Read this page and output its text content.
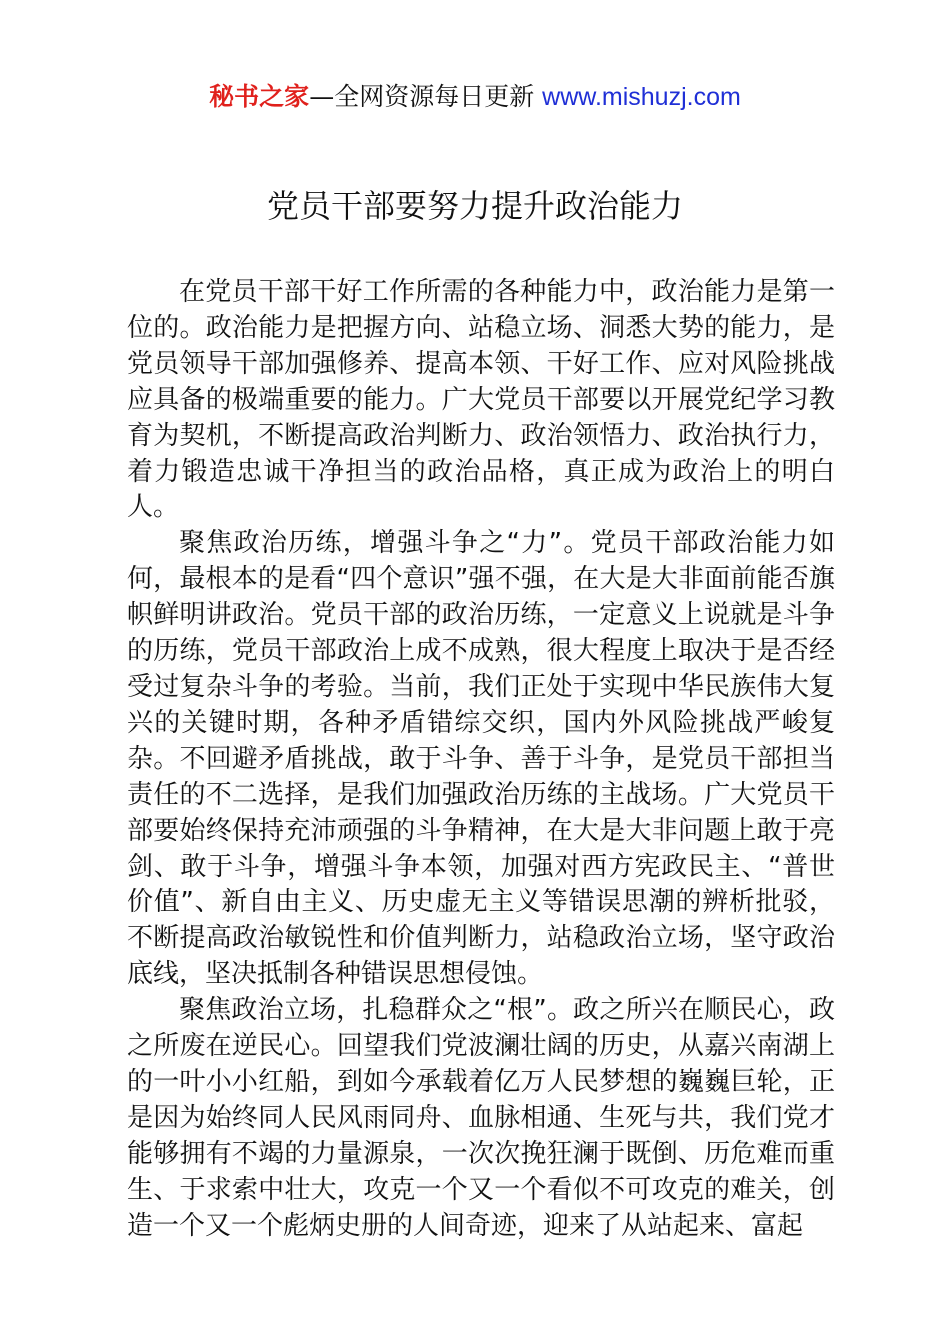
秘书之家—全网资源每日更新 www.mishuzj.com
党员干部要努力提升政治能力

在党员干部干好工作所需的各种能力中，政治能力是第一位的。政治能力是把握方向、站稳立场、洞悉大势的能力，是党员领导干部加强修养、提高本领、干好工作、应对风险挑战应具备的极端重要的能力。广大党员干部要以开展党纪学习教育为契机，不断提高政治判断力、政治领悟力、政治执行力，着力锻造忠诚干净担当的政治品格，真正成为政治上的明白人。

聚焦政治历练，增强斗争之“力”。党员干部政治能力如何，最根本的是看“四个意识”强不强，在大是大非面前能否旗帜鲜明讲政治。党员干部的政治历练，一定意义上说就是斗争的历练，党员干部政治上成不成熟，很大程度上取决于是否经受过复杂斗争的考验。当前，我们正处于实现中华民族伟大复兴的关键时期，各种矛盾错综交织，国内外风险挑战严峻复杂。不回避矛盾挑战，敢于斗争、善于斗争，是党员干部担当责任的不二选择，是我们加强政治历练的主战场。广大党员干部要始终保持充沛顽强的斗争精神，在大是大非问题上敢于亮剑、敢于斗争，增强斗争本领，加强对西方宪政民主、“普世价值”、新自由主义、历史虚无主义等错误思潮的辨析批驳，不断提高政治敏锐性和价值判断力，站稳政治立场，坚守政治底线，坚决抵制各种错误思想侵蚀。

聚焦政治立场，扎稳群众之“根”。政之所兴在顺民心，政之所废在逆民心。回望我们党波澜壮阔的历史，从嘉兴南湖上的一叶小小红船，到如今承载着亿万人民梦想的巍巍巨轮，正是因为始终同人民风雨同舟、血脉相通、生死与共，我们党才能够拥有不竭的力量源泉，一次次挽狂澜于既倒、历危难而重生、于求索中壮大，攻克一个又一个看似不可攻克的难关，创造一个又一个彪炳史册的人间奇迹，迎来了从站起来、富起
